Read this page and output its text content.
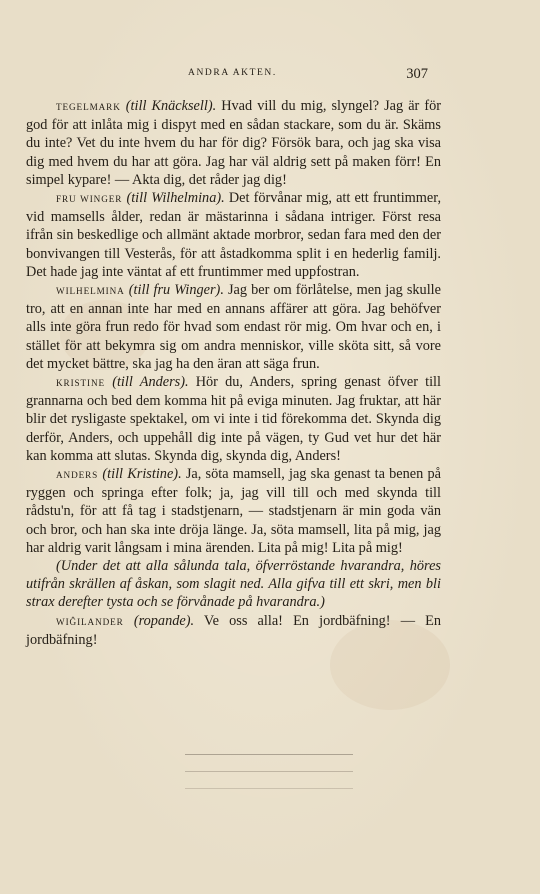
ANDRA AKTEN.	307

TEGELMARK (till Knäcksell). Hvad vill du mig, slyngel? Jag är för god för att inlåta mig i dispyt med en sådan stackare, som du är. Skäms du inte? Vet du inte hvem du har för dig? Försök bara, och jag ska visa dig med hvem du har att göra. Jag har väl aldrig sett på maken förr! En simpel kypare! — Akta dig, det råder jag dig!

FRU WINGER (till Wilhelmina). Det förvånar mig, att ett fruntimmer, vid mamsells ålder, redan är mästarinna i sådana intriger. Först resa ifrån sin beskedlige och allmänt aktade morbror, sedan fara med den der bonvivangen till Vesterås, för att åstadkomma split i en hederlig familj. Det hade jag inte väntat af ett fruntimmer med uppfostran.

WILHELMINA (till fru Winger). Jag ber om förlåtelse, men jag skulle tro, att en annan inte har med en annans affärer att göra. Jag behöfver alls inte göra frun redo för hvad som endast rör mig. Om hvar och en, i stället för att bekymra sig om andra menniskor, ville sköta sitt, så vore det mycket bättre, ska jag ha den äran att säga frun.

KRISTINE (till Anders). Hör du, Anders, spring genast öfver till grannarna och bed dem komma hit på eviga minuten. Jag fruktar, att här blir det rysligaste spektakel, om vi inte i tid förekomma det. Skynda dig derför, Anders, och uppehåll dig inte på vägen, ty Gud vet hur det här kan komma att slutas. Skynda dig, skynda dig, Anders!

ANDERS (till Kristine). Ja, söta mamsell, jag ska genast ta benen på ryggen och springa efter folk; ja, jag vill till och med skynda till rådstu'n, för att få tag i stadstjenarn, — stadstjenarn är min goda vän och bror, och han ska inte dröja länge. Ja, söta mamsell, lita på mig, jag har aldrig varit långsam i mina ärenden. Lita på mig! Lita på mig!

(Under det att alla sålunda tala, öfverröstande hvarandra, höres utifrån skrällen af åskan, som slagit ned. Alla gifva till ett skri, men bli strax derefter tysta och se förvånade på hvarandra.)

WIĜILANDER (ropande). Ve oss alla! En jordbäfning! — En jordbäfning!
